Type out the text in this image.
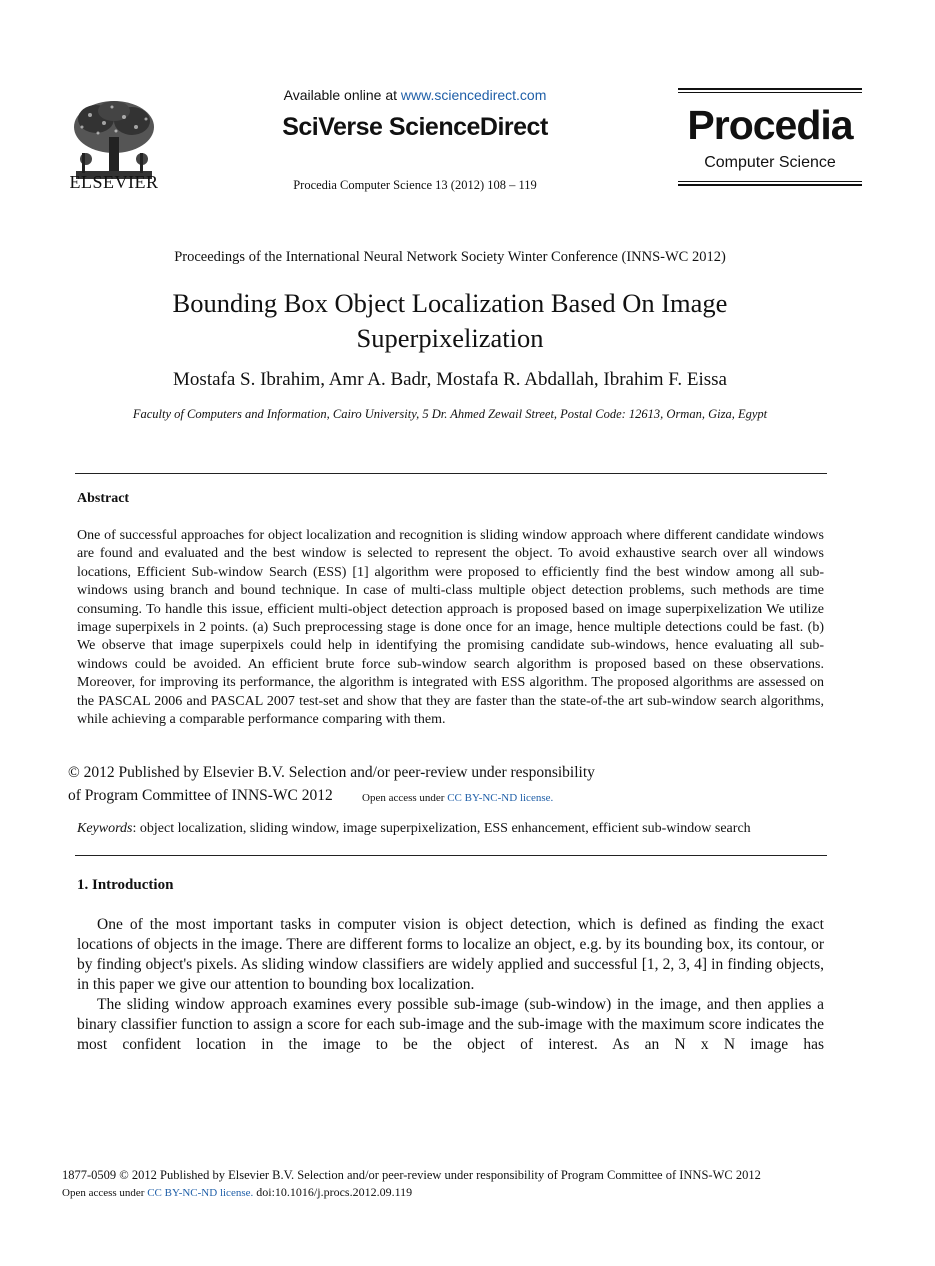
ELSEVIER
Available online at www.sciencedirect.com
SciVerse ScienceDirect
Procedia Computer Science 13 (2012) 108 – 119
Procedia
Computer Science
Proceedings of the International Neural Network Society Winter Conference (INNS-WC 2012)
Bounding Box Object Localization Based On Image Superpixelization
Mostafa S. Ibrahim, Amr A. Badr, Mostafa R. Abdallah, Ibrahim F. Eissa
Faculty of Computers and Information, Cairo University, 5 Dr. Ahmed Zewail Street, Postal Code: 12613, Orman, Giza, Egypt
Abstract
One of successful approaches for object localization and recognition is sliding window approach where different candidate windows are found and evaluated and the best window is selected to represent the object. To avoid exhaustive search over all windows locations, Efficient Sub-window Search (ESS) [1] algorithm were proposed to efficiently find the best window among all sub-windows using branch and bound technique. In case of multi-class multiple object detection problems, such methods are time consuming. To handle this issue, efficient multi-object detection approach is proposed based on image superpixelization We utilize image superpixels in 2 points. (a) Such preprocessing stage is done once for an image, hence multiple detections could be fast. (b) We observe that image superpixels could help in identifying the promising candidate sub-windows, hence evaluating all sub-windows could be avoided. An efficient brute force sub-window search algorithm is proposed based on these observations. Moreover, for improving its performance, the algorithm is integrated with ESS algorithm. The proposed algorithms are assessed on the PASCAL 2006 and PASCAL 2007 test-set and show that they are faster than the state-of-the art sub-window search algorithms, while achieving a comparable performance comparing with them.
© 2012 Published by Elsevier B.V. Selection and/or peer-review under responsibility
of Program Committee of INNS-WC 2012	Open access under CC BY-NC-ND license.
Keywords: object localization, sliding window, image superpixelization, ESS enhancement, efficient sub-window search
1. Introduction

One of the most important tasks in computer vision is object detection, which is defined as finding the exact locations of objects in the image. There are different forms to localize an object, e.g. by its bounding box, its contour, or by finding object's pixels. As sliding window classifiers are widely applied and successful [1, 2, 3, 4] in finding objects, in this paper we give our attention to bounding box localization.

The sliding window approach examines every possible sub-image (sub-window) in the image, and then applies a binary classifier function to assign a score for each sub-image and the sub-image with the maximum score indicates the most confident location in the image to be the object of interest. As an N x N image has

1877-0509 © 2012 Published by Elsevier B.V. Selection and/or peer-review under responsibility of Program Committee of INNS-WC 2012
Open access under CC BY-NC-ND license. doi:10.1016/j.procs.2012.09.119
